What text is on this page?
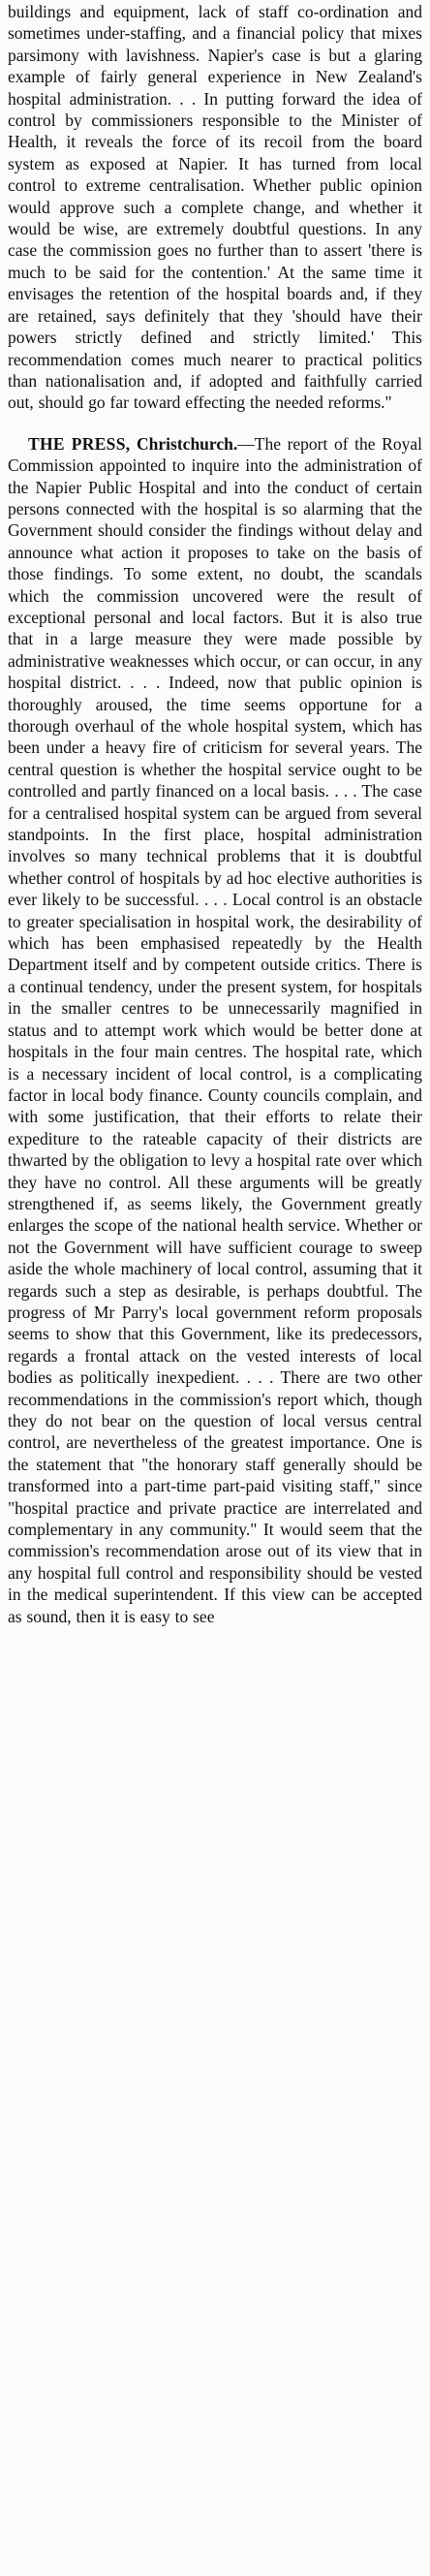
buildings and equipment, lack of staff co-ordination and sometimes under-staffing, and a financial policy that mixes parsimony with lavishness. Napier's case is but a glaring example of fairly general experience in New Zealand's hospital administration. . . In putting forward the idea of control by commissioners responsible to the Minister of Health, it reveals the force of its recoil from the board system as exposed at Napier. It has turned from local control to extreme centralisation. Whether public opinion would approve such a complete change, and whether it would be wise, are extremely doubtful questions. In any case the commission goes no further than to assert 'there is much to be said for the contention.' At the same time it envisages the retention of the hospital boards and, if they are retained, says definitely that they 'should have their powers strictly defined and strictly limited.' This recommendation comes much nearer to practical politics than nationalisation and, if adopted and faithfully carried out, should go far toward effecting the needed reforms."

THE PRESS, Christchurch.—The report of the Royal Commission appointed to inquire into the administration of the Napier Public Hospital and into the conduct of certain persons connected with the hospital is so alarming that the Government should consider the findings without delay and announce what action it proposes to take on the basis of those findings. To some extent, no doubt, the scandals which the commission uncovered were the result of exceptional personal and local factors. But it is also true that in a large measure they were made possible by administrative weaknesses which occur, or can occur, in any hospital district. . . . Indeed, now that public opinion is thoroughly aroused, the time seems opportune for a thorough overhaul of the whole hospital system, which has been under a heavy fire of criticism for several years. The central question is whether the hospital service ought to be controlled and partly financed on a local basis. . . . The case for a centralised hospital system can be argued from several standpoints. In the first place, hospital administration involves so many technical problems that it is doubtful whether control of hospitals by ad hoc elective authorities is ever likely to be successful. . . . Local control is an obstacle to greater specialisation in hospital work, the desirability of which has been emphasised repeatedly by the Health Department itself and by competent outside critics. There is a continual tendency, under the present system, for hospitals in the smaller centres to be unnecessarily magnified in status and to attempt work which would be better done at hospitals in the four main centres. The hospital rate, which is a necessary incident of local control, is a complicating factor in local body finance. County councils complain, and with some justification, that their efforts to relate their expediture to the rateable capacity of their districts are thwarted by the obligation to levy a hospital rate over which they have no control. All these arguments will be greatly strengthened if, as seems likely, the Government greatly enlarges the scope of the national health service. Whether or not the Government will have sufficient courage to sweep aside the whole machinery of local control, assuming that it regards such a step as desirable, is perhaps doubtful. The progress of Mr Parry's local government reform proposals seems to show that this Government, like its predecessors, regards a frontal attack on the vested interests of local bodies as politically inexpedient. . . . There are two other recommendations in the commission's report which, though they do not bear on the question of local versus central control, are nevertheless of the greatest importance. One is the statement that "the honorary staff generally should be transformed into a part-time part-paid visiting staff," since "hospital practice and private practice are interrelated and complementary in any community." It would seem that the commission's recommendation arose out of its view that in any hospital full control and responsibility should be vested in the medical superintendent. If this view can be accepted as sound, then it is easy to see
